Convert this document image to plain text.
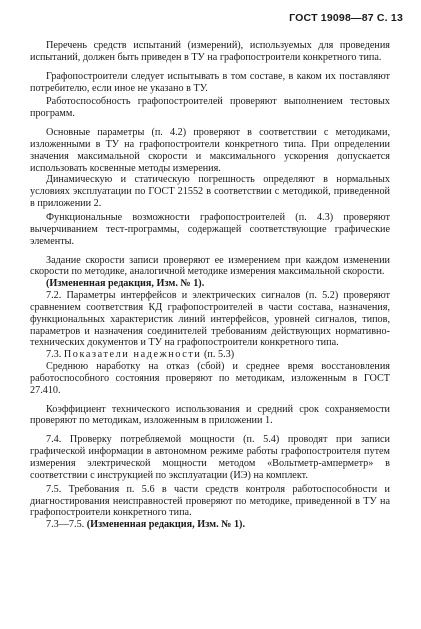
ГОСТ 19098—87 С. 13

Перечень средств испытаний (измерений), используемых для проведения испытаний, должен быть приведен в ТУ на графопостроители конкретного типа.

Графопостроители следует испытывать в том составе, в каком их поставляют потребителю, если иное не указано в ТУ.

Работоспособность графопостроителей проверяют выполнением тестовых программ.

Основные параметры (п. 4.2) проверяют в соответствии с методиками, изложенными в ТУ на графопостроители конкретного типа. При определении значения максимальной скорости и максимального ускорения допускается использовать косвенные методы измерения.

Динамическую и статическую погрешность определяют в нормальных условиях эксплуатации по ГОСТ 21552 в соответствии с методикой, приведенной в приложении 2.

Функциональные возможности графопостроителей (п. 4.3) проверяют вычерчиванием тест-программы, содержащей соответствующие графические элементы.

Задание скорости записи проверяют ее измерением при каждом изменении скорости по методике, аналогичной методике измерения максимальной скорости.

(Измененная редакция, Изм. № 1).

7.2. Параметры интерфейсов и электрических сигналов (п. 5.2) проверяют сравнением соответствия КД графопостроителей в части состава, назначения, функциональных характеристик линий интерфейсов, уровней сигналов, типов, параметров и назначения соединителей требованиям действующих нормативно-технических документов и ТУ на графопостроители конкретного типа.

7.3. Показатели надежности (п. 5.3)

Среднюю наработку на отказ (сбой) и среднее время восстановления работоспособного состояния проверяют по методикам, изложенным в ГОСТ 27.410.

Коэффициент технического использования и средний срок сохраняемости проверяют по методикам, изложенным в приложении 1.

7.4. Проверку потребляемой мощности (п. 5.4) проводят при записи графической информации в автономном режиме работы графопостроителя путем измерения электрической мощности методом «Вольтметр-амперметр» в соответствии с инструкцией по эксплуатации (ИЭ) на комплект.

7.5. Требования п. 5.6 в части средств контроля работоспособности и диагностирования неисправностей проверяют по методике, приведенной в ТУ на графопостроители конкретного типа.

7.3—7.5. (Измененная редакция, Изм. № 1).
